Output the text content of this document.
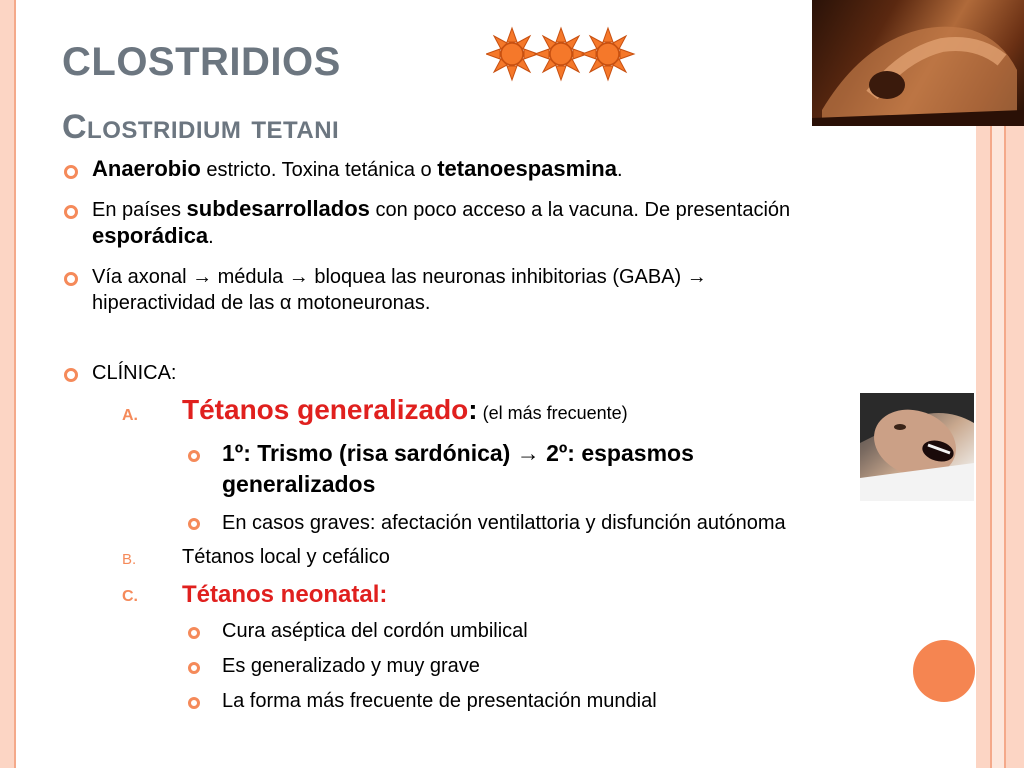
CLOSTRIDIOS
Clostridium tetani
Anaerobio estricto. Toxina tetánica o tetanoespasmina.
En países subdesarrollados con poco acceso a la vacuna. De presentación
esporádica.
Vía axonal → médula → bloquea las neuronas inhibitorias (GABA) →
hiperactividad de las α motoneuronas.
CLÍNICA:
A. Tétanos generalizado: (el más frecuente)
1º: Trismo (risa sardónica) → 2º: espasmos
generalizados
En casos graves: afectación ventilattoria y disfunción autónoma
B. Tétanos local y cefálico
C. Tétanos neonatal:
Cura aséptica del cordón umbilical
Es generalizado y muy grave
La forma más frecuente de presentación mundial
